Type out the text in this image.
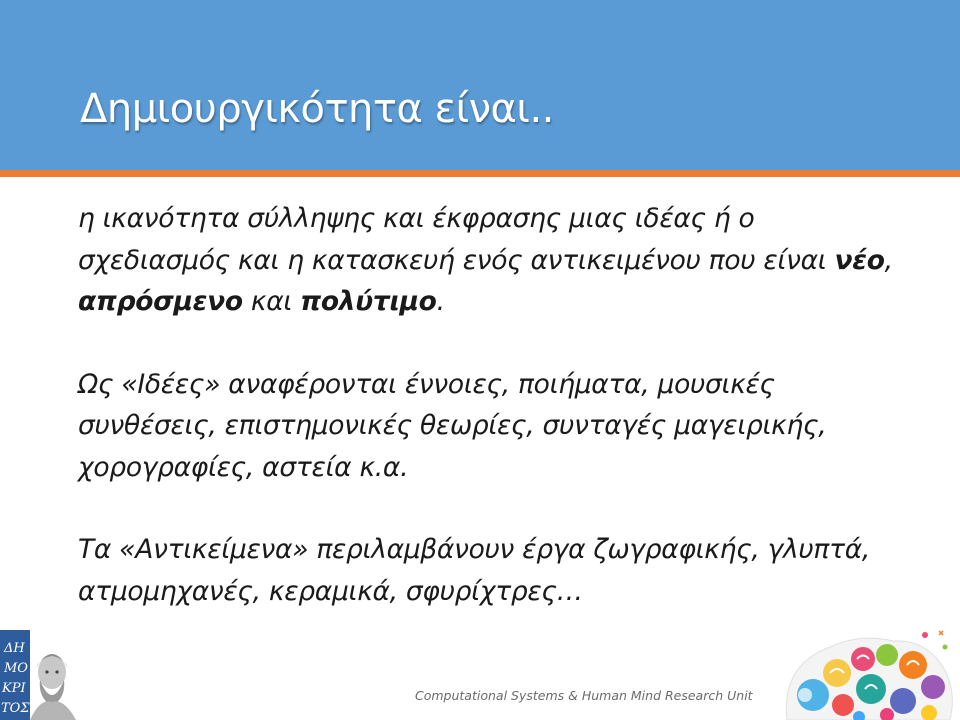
Δημιουργικότητα είναι..

η ικανότητα σύλληψης και έκφρασης μιας ιδέας ή ο σχεδιασμός και η κατασκευή ενός αντικειμένου που είναι νέο, απρόσμενο και πολύτιμο.

Ως «Ιδέες» αναφέρονται έννοιες, ποιήματα, μουσικές συνθέσεις, επιστημονικές θεωρίες, συνταγές μαγειρικής, χορογραφίες, αστεία κ.α.

Τα «Αντικείμενα» περιλαμβάνουν έργα ζωγραφικής, γλυπτά, ατμομηχανές, κεραμικά, σφυρίχτρες…

ΔΗ
ΜΟ
ΚΡΙ
ΤΟΣ
Computational Systems & Human Mind Research Unit
